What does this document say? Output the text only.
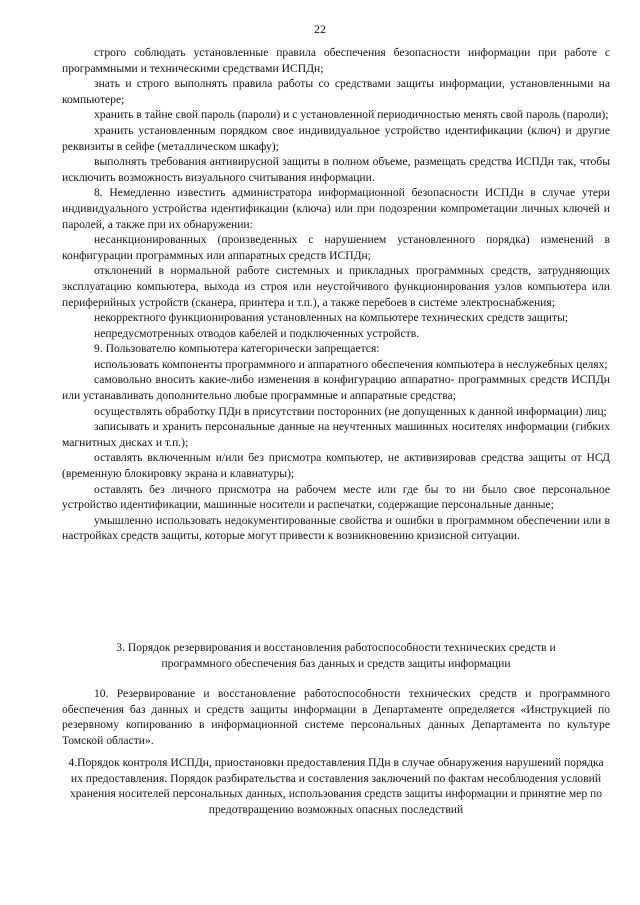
22

строго соблюдать установленные правила обеспечения безопасности информации при работе с программными и техническими средствами ИСПДн;

знать и строго выполнять правила работы со средствами защиты информации, установленными на компьютере;

хранить в тайне свой пароль (пароли) и с установленной периодичностью менять свой пароль (пароли);

хранить установленным порядком свое индивидуальное устройство идентификации (ключ) и другие реквизиты в сейфе (металлическом шкафу);

выполнять требования антивирусной защиты в полном объеме, размещать средства ИСПДн так, чтобы исключить возможность визуального считывания информации.

8. Немедленно известить администратора информационной безопасности ИСПДн в случае утери индивидуального устройства идентификации (ключа) или при подозрении компрометации личных ключей и паролей, а также при их обнаружении:

несанкционированных (произведенных с нарушением установленного порядка) изменений в конфигурации программных или аппаратных средств ИСПДн;

отклонений в нормальной работе системных и прикладных программных средств, затрудняющих эксплуатацию компьютера, выхода из строя или неустойчивого функционирования узлов компьютера или периферийных устройств (сканера, принтера и т.п.), а также перебоев в системе электроснабжения;

некорректного функционирования установленных на компьютере технических средств защиты;

непредусмотренных отводов кабелей и подключенных устройств.

9. Пользователю компьютера категорически запрещается:

использовать компоненты программного и аппаратного обеспечения компьютера в неслужебных целях;

самовольно вносить какие-либо изменения в конфигурацию аппаратно- программных средств ИСПДн или устанавливать дополнительно любые программные и аппаратные средства;

осуществлять обработку ПДн в присутствии посторонних (не допущенных к данной информации) лиц;

записывать и хранить персональные данные на неучтенных машинных носителях информации (гибких магнитных дисках и т.п.);

оставлять включенным и/или без присмотра компьютер, не активизировав средства защиты от НСД (временную блокировку экрана и клавиатуры);

оставлять без личного присмотра на рабочем месте или где бы то ни было свое персональное устройство идентификации, машинные носители и распечатки, содержащие персональные данные;

умышленно использовать недокументированные свойства и ошибки в программном обеспечении или в настройках средств защиты, которые могут привести к возникновению кризисной ситуации.

3. Порядок резервирования и восстановления работоспособности технических средств и программного обеспечения баз данных и средств защиты информации

10. Резервирование и восстановление работоспособности технических средств и программного обеспечения баз данных и средств защиты информации в Департаменте определяется «Инструкцией по резервному копированию в информационной системе персональных данных Департамента по культуре Томской области».

4.Порядок контроля ИСПДн, приостановки предоставления ПДн в случае обнаружения нарушений порядка их предоставления. Порядок разбирательства и составления заключений по фактам несоблюдения условий хранения носителей персональных данных, использования средств защиты информации и принятие мер по предотвращению возможных опасных последствий
